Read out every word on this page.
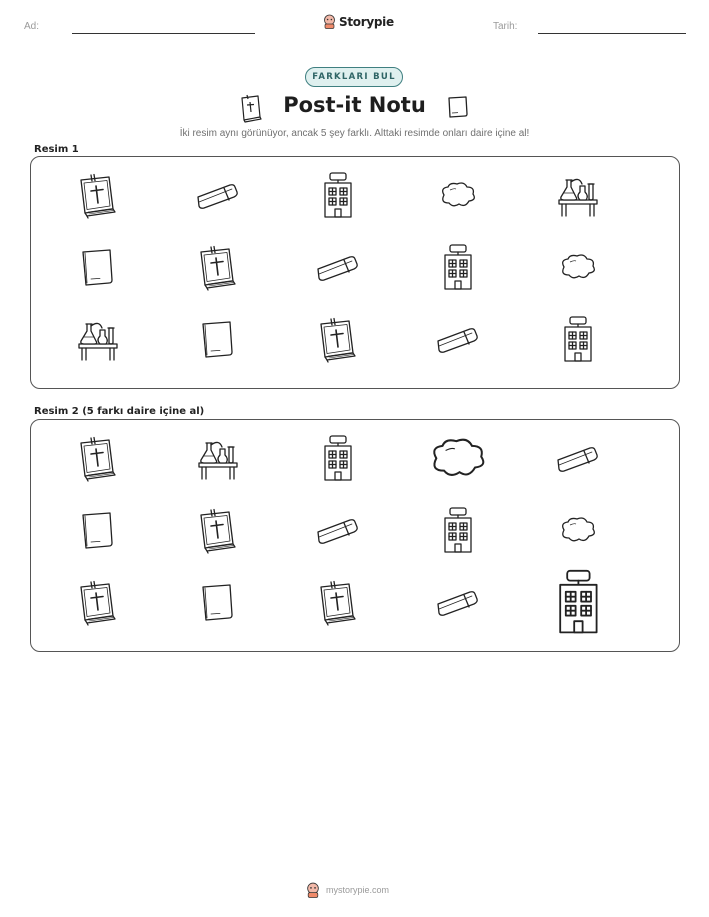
Ad:	Storypie	Tarih:
FARKLARI BUL
Post-it Notu
İki resim aynı görünüyor, ancak 5 şey farklı. Alttaki resimde onları daire içine al!
Resim 1
Resim 2 (5 farkı daire içine al)
mystorypie.com
